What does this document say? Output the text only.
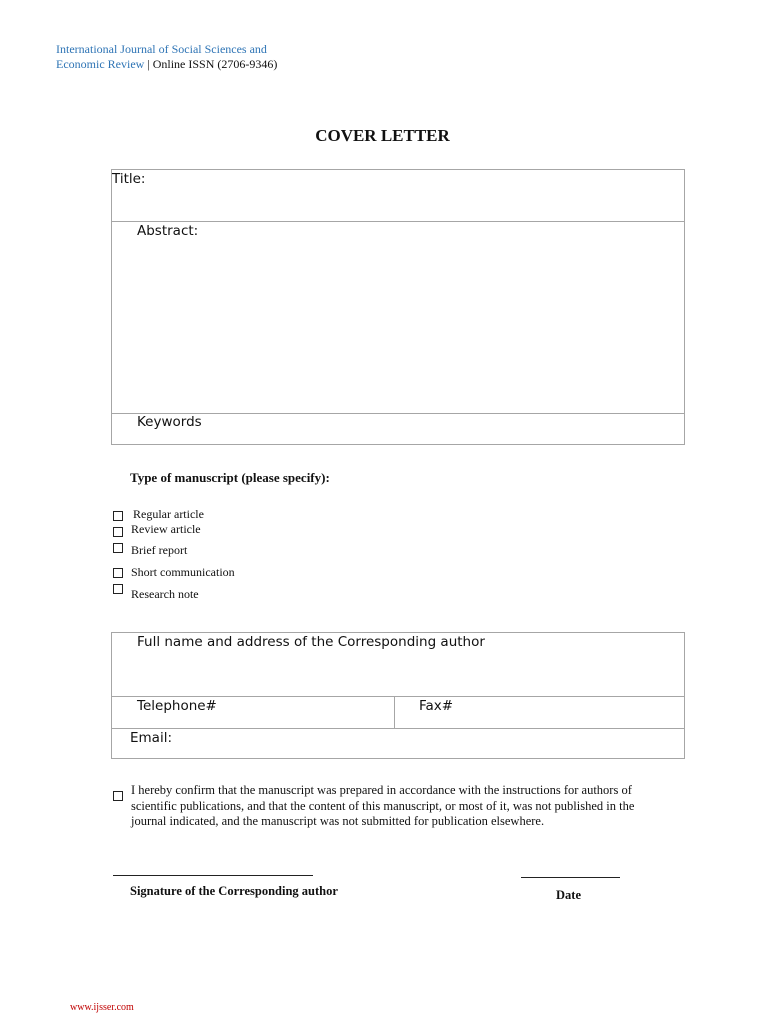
International Journal of Social Sciences and
Economic Review | Online ISSN (2706-9346)
COVER LETTER
Title:
Abstract:
Keywords
Type of manuscript (please specify):
Regular article
Review article
Brief report
Short communication
Research note
Full name and address of the Corresponding author
Telephone#	Fax#
Email:
I hereby confirm that the manuscript was prepared in accordance with the instructions for authors of scientific publications, and that the content of this manuscript, or most of it, was not published in the journal indicated, and the manuscript was not submitted for publication elsewhere.
Signature of the Corresponding author	Date
www.ijsser.com
